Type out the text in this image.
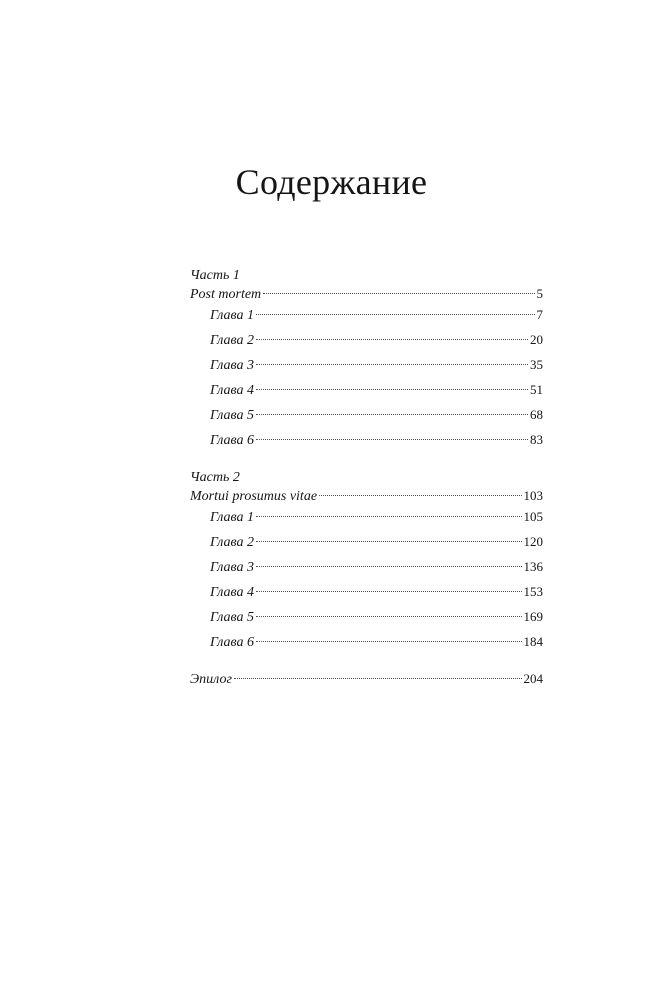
Содержание
Часть 1
Post mortem	5
Глава 1	7
Глава 2	20
Глава 3	35
Глава 4	51
Глава 5	68
Глава 6	83
Часть 2
Mortui prosumus vitae	103
Глава 1	105
Глава 2	120
Глава 3	136
Глава 4	153
Глава 5	169
Глава 6	184
Эпилог	204
